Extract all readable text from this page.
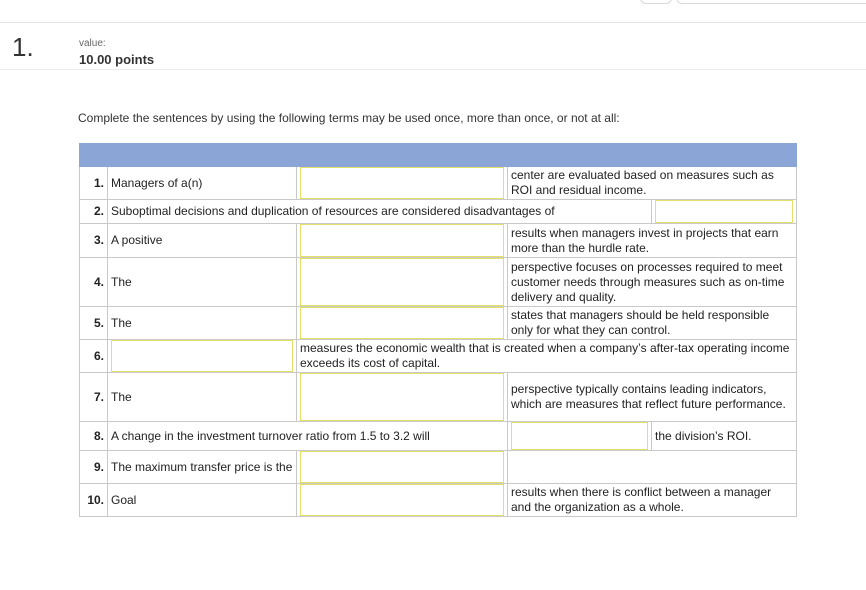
1.	value:
10.00 points
Complete the sentences by using the following terms may be used once, more than once, or not at all:

1.	Managers of a(n)		center are evaluated based on measures such as ROI and residual income.	
2.	Suboptimal decisions and duplication of resources are considered disadvantages of	

3.	A positive		results when managers invest in projects that earn more than the hurdle rate.	
4.	The		perspective focuses on processes required to meet customer needs through measures such as on-time delivery and quality.	
5.	The		states that managers should be held responsible only for what they can control.	
6.		measures the economic wealth that is created when a company’s after-tax operating income exceeds its cost of capital.		
7.	The		perspective typically contains leading indicators, which are measures that reflect future performance.	
8.	A change in the investment turnover ratio from 1.5 to 3.2 will			the division’s ROI.
9.	The maximum transfer price is the	

10.	Goal		results when there is conflict between a manager and the organization as a whole.	
